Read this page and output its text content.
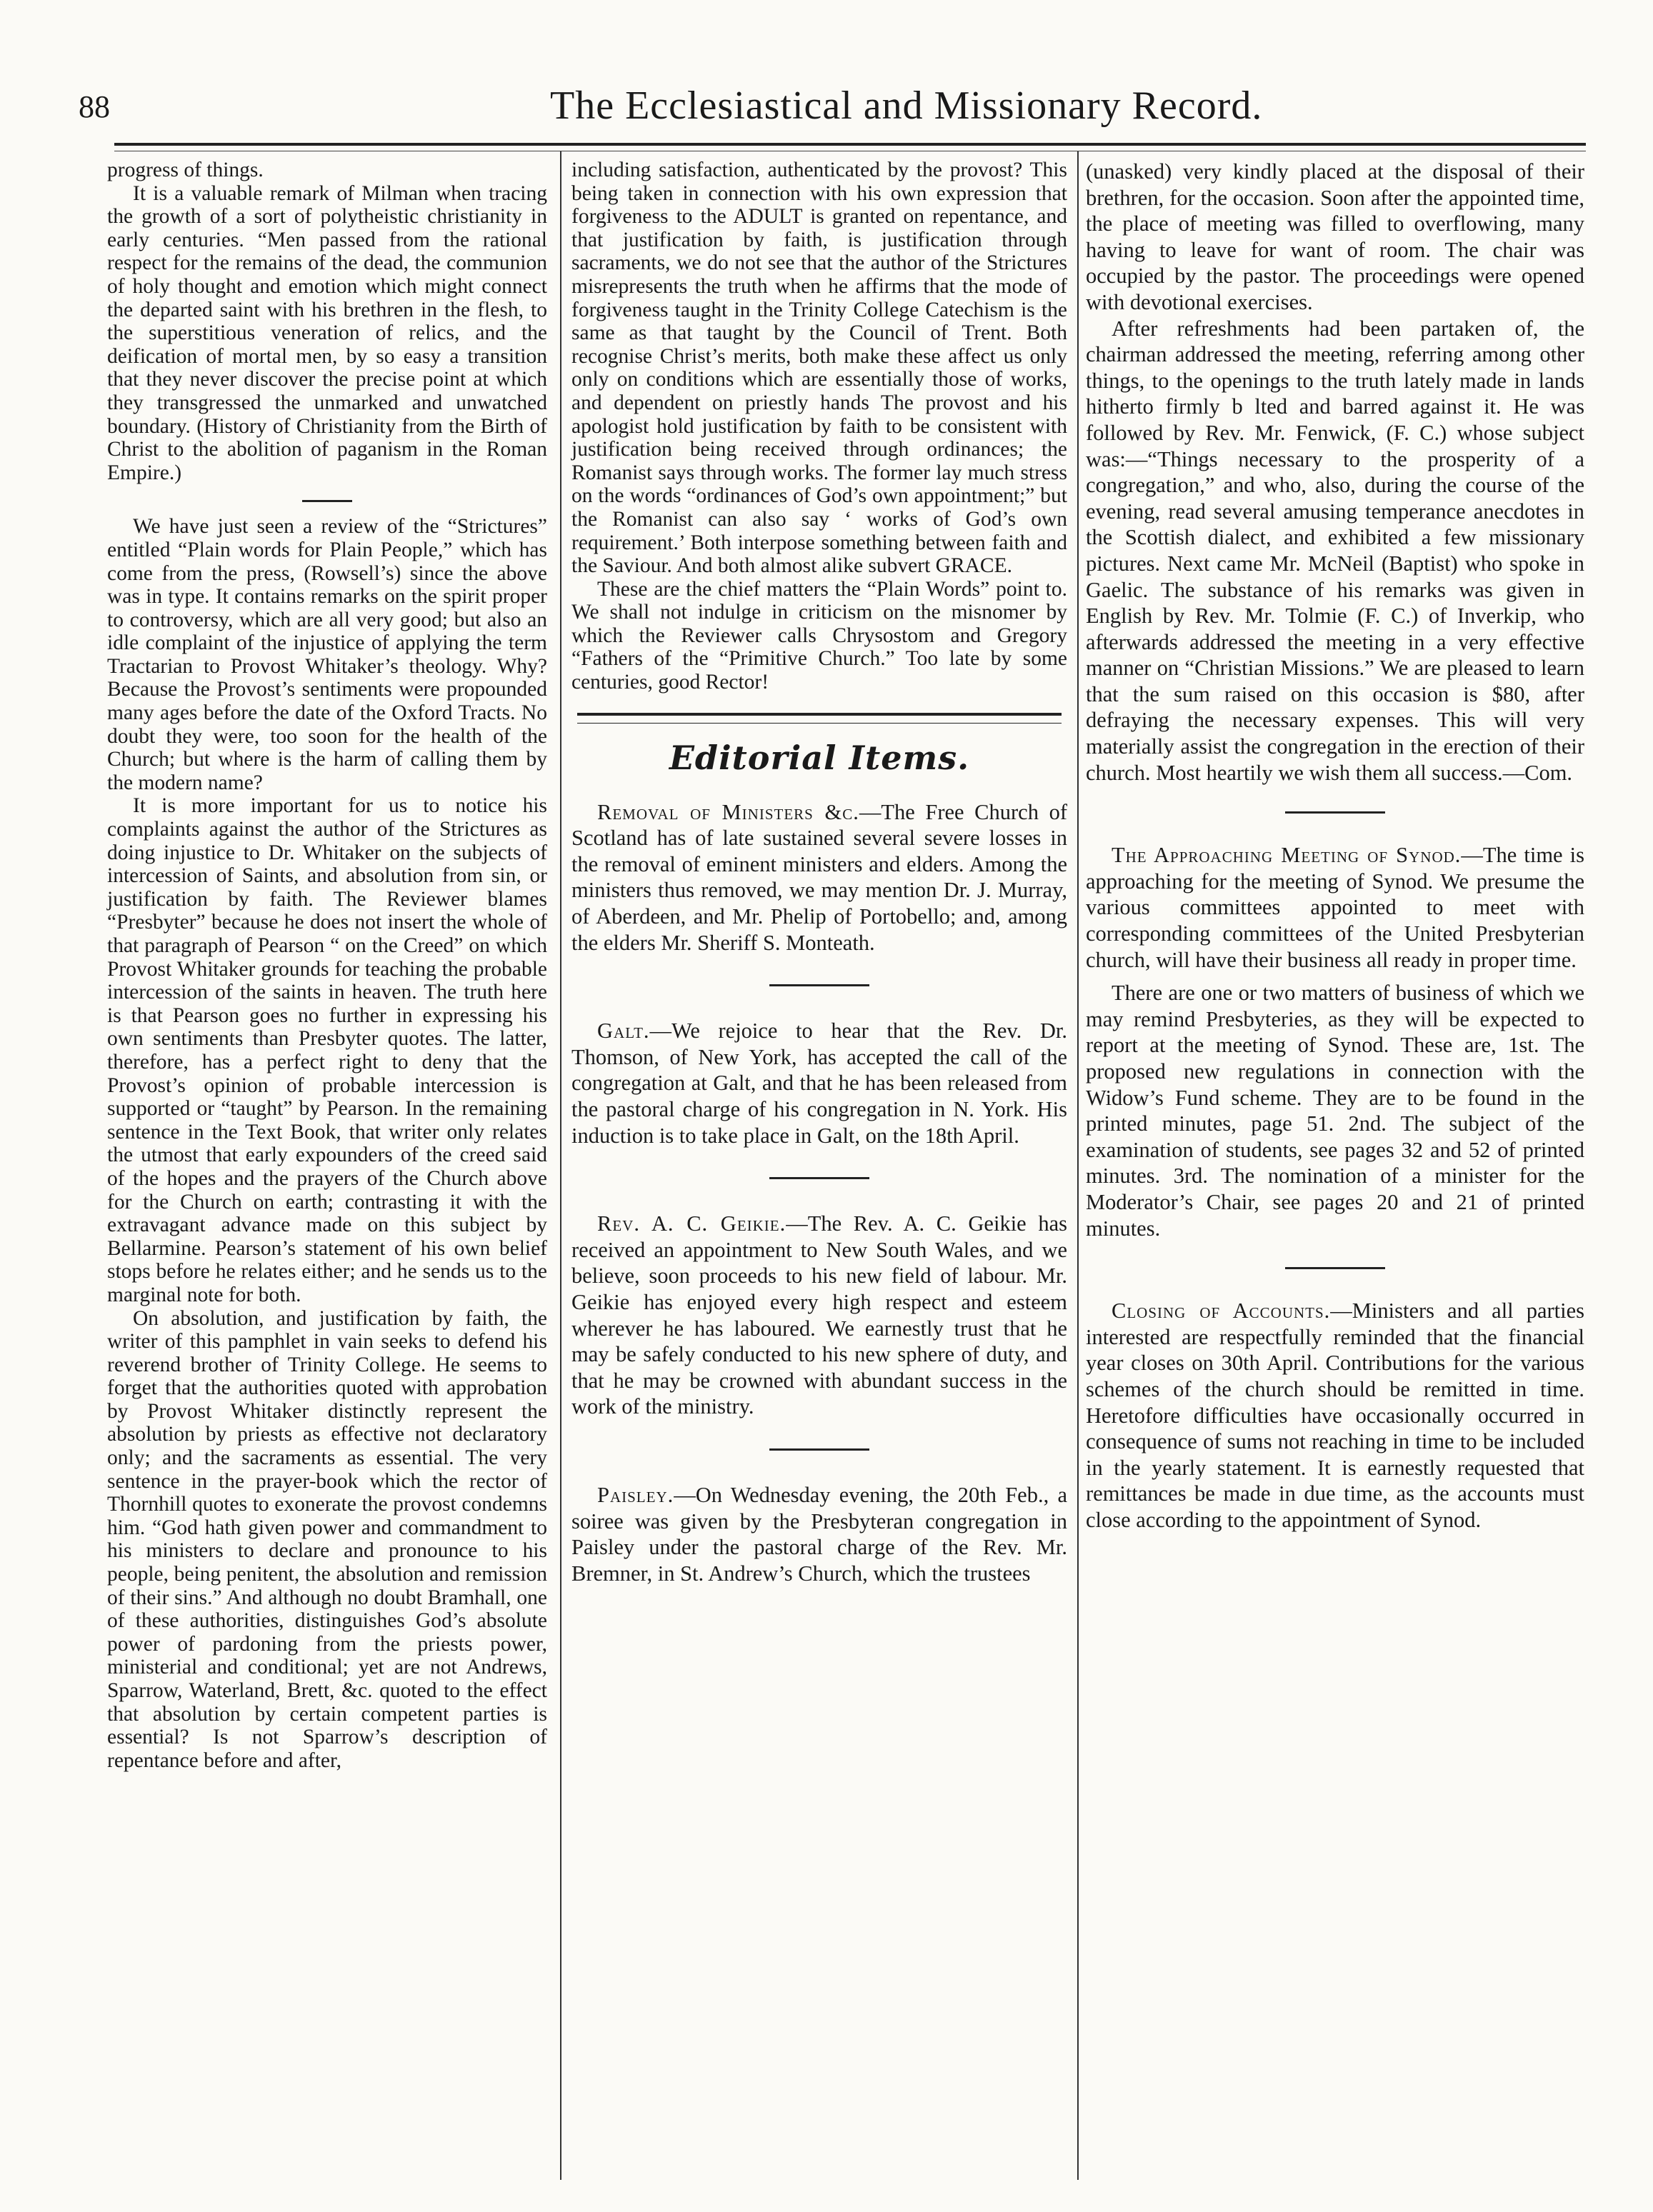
88	The Ecclesiastical and Missionary Record.

progress of things.

It is a valuable remark of Milman when tracing the growth of a sort of polytheistic christianity in early centuries. “Men passed from the rational respect for the remains of the dead, the communion of holy thought and emotion which might connect the departed saint with his brethren in the flesh, to the superstitious veneration of relics, and the deification of mortal men, by so easy a transition that they never discover the precise point at which they transgressed the unmarked and unwatched boundary. (History of Christianity from the Birth of Christ to the abolition of paganism in the Roman Empire.)

We have just seen a review of the “Strictures” entitled “Plain words for Plain People,” which has come from the press, (Rowsell’s) since the above was in type. It contains remarks on the spirit proper to controversy, which are all very good; but also an idle complaint of the injustice of applying the term Tractarian to Provost Whitaker’s theology. Why? Because the Provost’s sentiments were propounded many ages before the date of the Oxford Tracts. No doubt they were, too soon for the health of the Church; but where is the harm of calling them by the modern name?

It is more important for us to notice his complaints against the author of the Strictures as doing injustice to Dr. Whitaker on the subjects of intercession of Saints, and absolution from sin, or justification by faith. The Reviewer blames “Presbyter” because he does not insert the whole of that paragraph of Pearson “ on the Creed” on which Provost Whitaker grounds for teaching the probable intercession of the saints in heaven. The truth here is that Pearson goes no further in expressing his own sentiments than Presbyter quotes. The latter, therefore, has a perfect right to deny that the Provost’s opinion of probable intercession is supported or “taught” by Pearson. In the remaining sentence in the Text Book, that writer only relates the utmost that early expounders of the creed said of the hopes and the prayers of the Church above for the Church on earth; contrasting it with the extravagant advance made on this subject by Bellarmine. Pearson’s statement of his own belief stops before he relates either; and he sends us to the marginal note for both.

On absolution, and justification by faith, the writer of this pamphlet in vain seeks to defend his reverend brother of Trinity College. He seems to forget that the authorities quoted with approbation by Provost Whitaker distinctly represent the absolution by priests as effective not declaratory only; and the sacraments as essential. The very sentence in the prayer-book which the rector of Thornhill quotes to exonerate the provost condemns him. “God hath given power and commandment to his ministers to declare and pronounce to his people, being penitent, the absolution and remission of their sins.” And although no doubt Bramhall, one of these authorities, distinguishes God’s absolute power of pardoning from the priests power, ministerial and conditional; yet are not Andrews, Sparrow, Waterland, Brett, &c. quoted to the effect that absolution by certain competent parties is essential? Is not Sparrow’s description of repentance before and after,

including satisfaction, authenticated by the provost? This being taken in connection with his own expression that forgiveness to the ADULT is granted on repentance, and that justification by faith, is justification through sacraments, we do not see that the author of the Strictures misrepresents the truth when he affirms that the mode of forgiveness taught in the Trinity College Catechism is the same as that taught by the Council of Trent. Both recognise Christ’s merits, both make these affect us only only on conditions which are essentially those of works, and dependent on priestly hands The provost and his apologist hold justification by faith to be consistent with justification being received through ordinances; the Romanist says through works. The former lay much stress on the words “ordinances of God’s own appointment;” but the Romanist can also say ‘ works of God’s own requirement.’ Both interpose something between faith and the Saviour. And both almost alike subvert GRACE.

These are the chief matters the “Plain Words” point to. We shall not indulge in criticism on the misnomer by which the Reviewer calls Chrysostom and Gregory “Fathers of the “Primitive Church.” Too late by some centuries, good Rector!

Editorial Items.

Removal of Ministers &c.—The Free Church of Scotland has of late sustained several severe losses in the removal of eminent ministers and elders. Among the ministers thus removed, we may mention Dr. J. Murray, of Aberdeen, and Mr. Phelip of Portobello; and, among the elders Mr. Sheriff S. Monteath.

Galt.—We rejoice to hear that the Rev. Dr. Thomson, of New York, has accepted the call of the congregation at Galt, and that he has been released from the pastoral charge of his congregation in N. York. His induction is to take place in Galt, on the 18th April.

Rev. A. C. Geikie.—The Rev. A. C. Geikie has received an appointment to New South Wales, and we believe, soon proceeds to his new field of labour. Mr. Geikie has enjoyed every high respect and esteem wherever he has laboured. We earnestly trust that he may be safely conducted to his new sphere of duty, and that he may be crowned with abundant success in the work of the ministry.

Paisley.—On Wednesday evening, the 20th Feb., a soiree was given by the Presbyteran congregation in Paisley under the pastoral charge of the Rev. Mr. Bremner, in St. Andrew’s Church, which the trustees

(unasked) very kindly placed at the disposal of their brethren, for the occasion. Soon after the appointed time, the place of meeting was filled to overflowing, many having to leave for want of room. The chair was occupied by the pastor. The proceedings were opened with devotional exercises.

After refreshments had been partaken of, the chairman addressed the meeting, referring among other things, to the openings to the truth lately made in lands hitherto firmly b lted and barred against it. He was followed by Rev. Mr. Fenwick, (F. C.) whose subject was:—“Things necessary to the prosperity of a congregation,” and who, also, during the course of the evening, read several amusing temperance anecdotes in the Scottish dialect, and exhibited a few missionary pictures. Next came Mr. McNeil (Baptist) who spoke in Gaelic. The substance of his remarks was given in English by Rev. Mr. Tolmie (F. C.) of Inverkip, who afterwards addressed the meeting in a very effective manner on “Christian Missions.” We are pleased to learn that the sum raised on this occasion is $80, after defraying the necessary expenses. This will very materially assist the congregation in the erection of their church. Most heartily we wish them all success.—Com.

The Approaching Meeting of Synod.—The time is approaching for the meeting of Synod. We presume the various committees appointed to meet with corresponding committees of the United Presbyterian church, will have their business all ready in proper time.

There are one or two matters of business of which we may remind Presbyteries, as they will be expected to report at the meeting of Synod. These are, 1st. The proposed new regulations in connection with the Widow’s Fund scheme. They are to be found in the printed minutes, page 51. 2nd. The subject of the examination of students, see pages 32 and 52 of printed minutes. 3rd. The nomination of a minister for the Moderator’s Chair, see pages 20 and 21 of printed minutes.

Closing of Accounts.—Ministers and all parties interested are respectfully reminded that the financial year closes on 30th April. Contributions for the various schemes of the church should be remitted in time. Heretofore difficulties have occasionally occurred in consequence of sums not reaching in time to be included in the yearly statement. It is earnestly requested that remittances be made in due time, as the accounts must close according to the appointment of Synod.
